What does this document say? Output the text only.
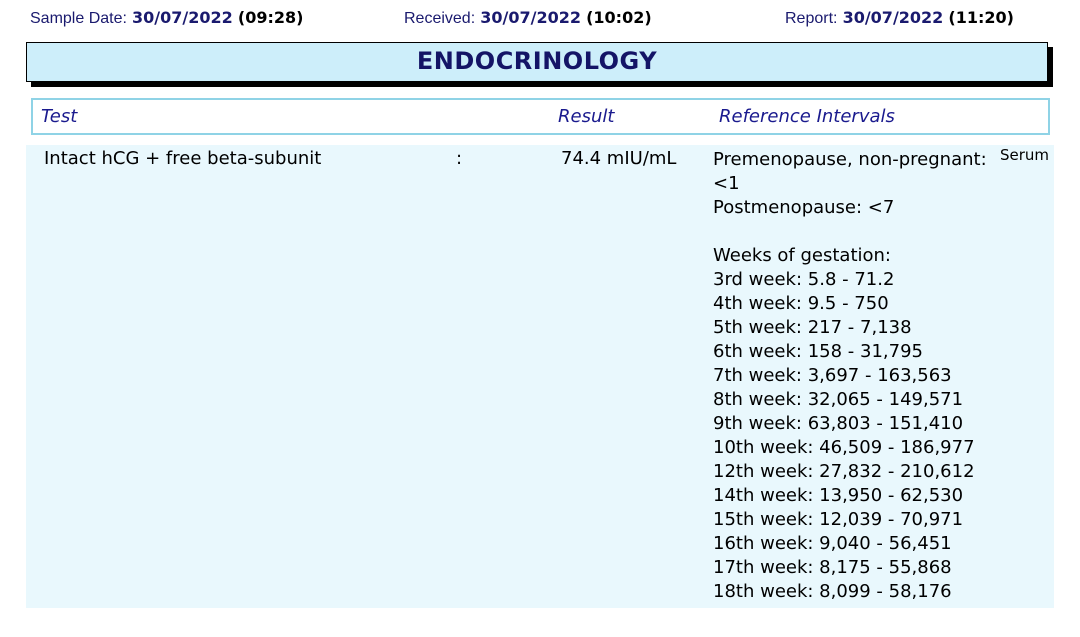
Sample Date: 30/07/2022 (09:28)	Received: 30/07/2022 (10:02)	Report: 30/07/2022 (11:20)
ENDOCRINOLOGY
Test	Result	Reference Intervals
Intact hCG + free beta-subunit	:	74.4 mIU/mL	Serum
Premenopause, non-pregnant: <1
Postmenopause: <7
Weeks of gestation:
3rd week: 5.8 - 71.2
4th week: 9.5 - 750
5th week: 217 - 7,138
6th week: 158 - 31,795
7th week: 3,697 - 163,563
8th week: 32,065 - 149,571
9th week: 63,803 - 151,410
10th week: 46,509 - 186,977
12th week: 27,832 - 210,612
14th week: 13,950 - 62,530
15th week: 12,039 - 70,971
16th week: 9,040 - 56,451
17th week: 8,175 - 55,868
18th week: 8,099 - 58,176
